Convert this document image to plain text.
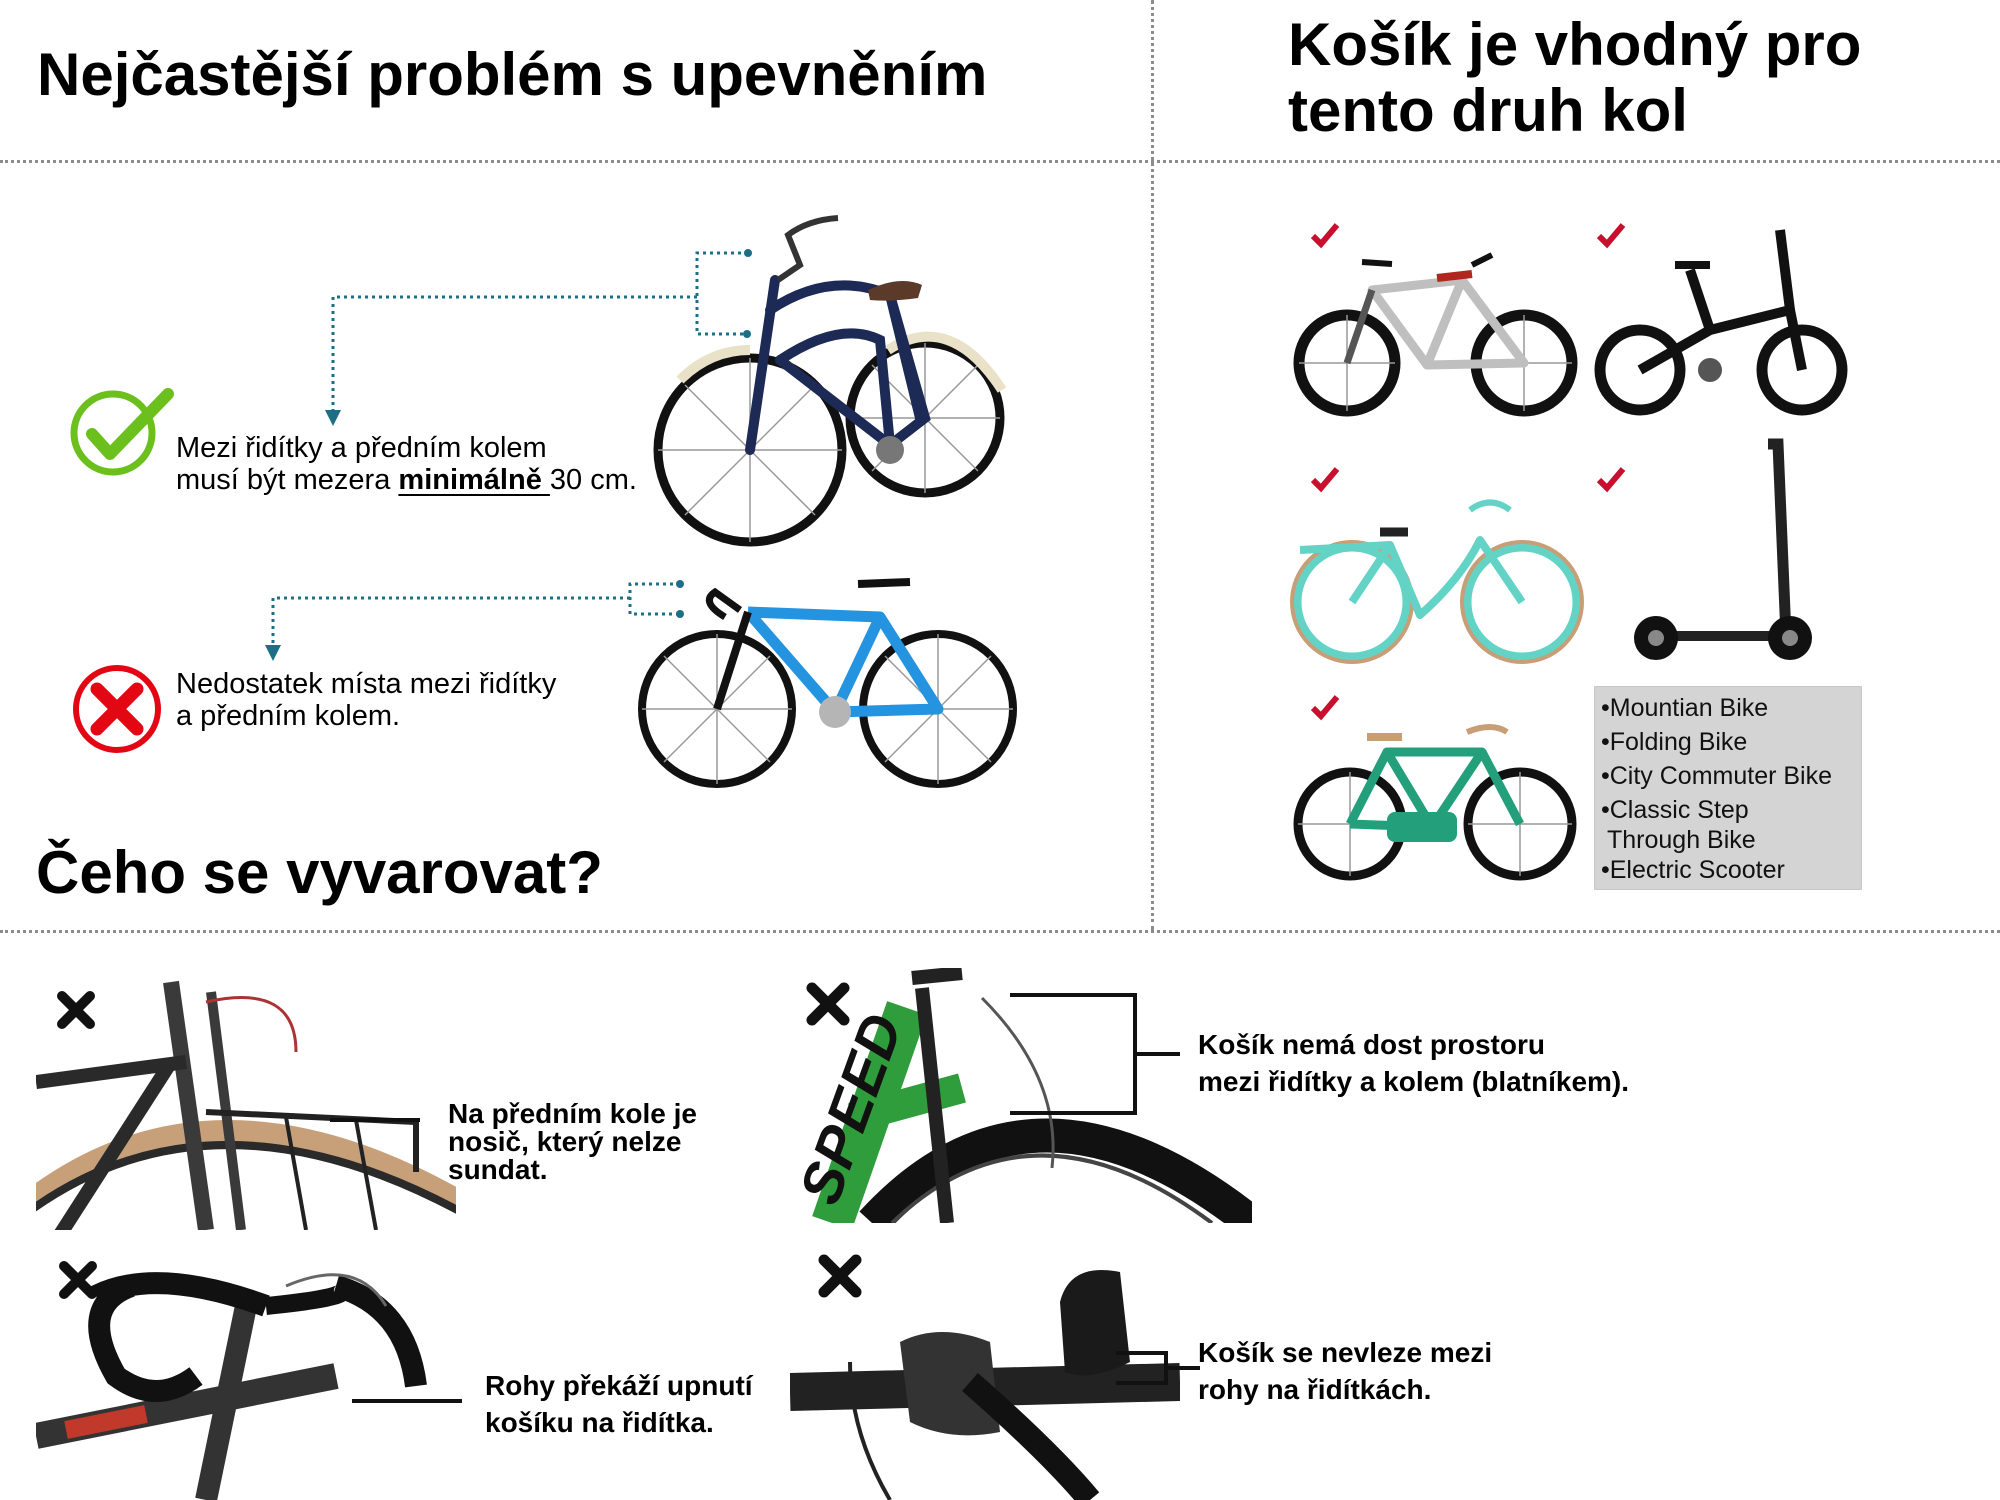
Nejčastější problém s upevněním	Košík je vhodný pro
tento druh kol
Čeho se vyvarovat?
Mezi řidítky a předním kolem
musí být mezera minimálně 30 cm.
Nedostatek místa mezi řidítky
a předním kolem.	•Mountian Bike
•Folding Bike
•City Commuter Bike
•Classic Step
Through Bike
•Electric Scooter
Na předním kole je
nosič, který nelze
sundat.	SPEED	Košík nemá dost prostoru
mezi řidítky a kolem (blatníkem).
Rohy překáží upnutí
košíku na řidítka.
Košík se nevleze mezi
rohy na řidítkách.
